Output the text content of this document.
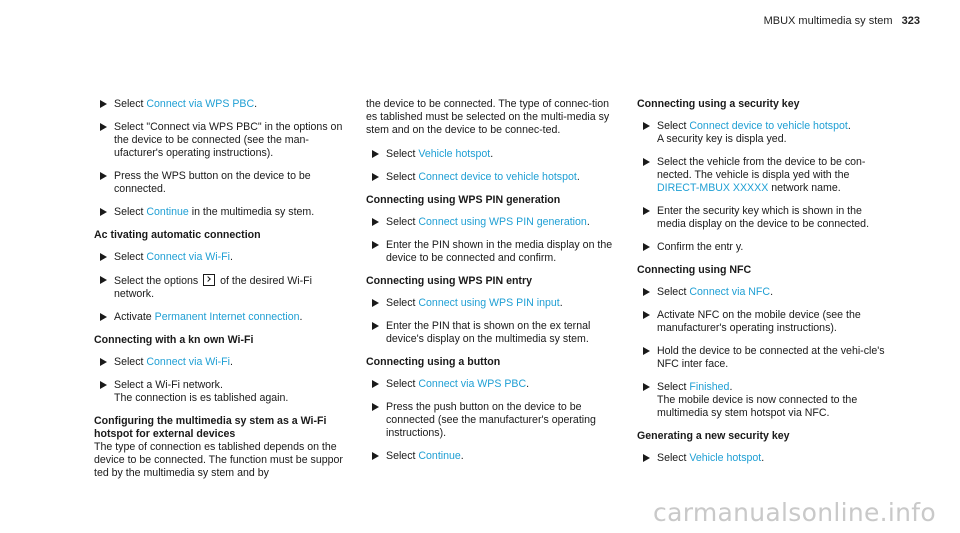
MBUX multimedia sy stem 323
Select Connect via WPS PBC.
Select "Connect via WPS PBC" in the options on the device to be connected (see the man-ufacturer's operating instructions).
Press the WPS button on the device to be connected.
Select Continue in the multimedia sy stem.
Ac tivating automatic connection
Select Connect via Wi-Fi.
Select the options  of the desired Wi-Fi network.
Activate Permanent Internet connection.
Connecting with a kn own Wi-Fi
Select Connect via Wi-Fi.
Select a Wi-Fi network.
The connection is es tablished again.
Configuring the multimedia sy stem as a Wi-Fi hotspot for external devices
The type of connection es tablished depends on the device to be connected. The function must be suppor ted by the multimedia sy stem and by
the device to be connected. The type of connec-tion es tablished must be selected on the multi-media sy stem and on the device to be connec-ted.
Select Vehicle hotspot.
Select Connect device to vehicle hotspot.
Connecting using WPS PIN generation
Select Connect using WPS PIN generation.
Enter the PIN shown in the media display on the device to be connected and confirm.
Connecting using WPS PIN entry
Select Connect using WPS PIN input.
Enter the PIN that is shown on the ex ternal device's display on the multimedia sy stem.
Connecting using a button
Select Connect via WPS PBC.
Press the push button on the device to be connected (see the manufacturer's operating instructions).
Select Continue.
Connecting using a security key
Select Connect device to vehicle hotspot.
A security key is displa yed.
Select the vehicle from the device to be con-nected. The vehicle is displa yed with the DIRECT-MBUX XXXXX network name.
Enter the security key which is shown in the media display on the device to be connected.
Confirm the entr y.
Connecting using NFC
Select Connect via NFC.
Activate NFC on the mobile device (see the manufacturer's operating instructions).
Hold the device to be connected at the vehi-cle's NFC inter face.
Select Finished.
The mobile device is now connected to the multimedia sy stem hotspot via NFC.
Generating a new security key
Select Vehicle hotspot.
carmanualsonline.info
